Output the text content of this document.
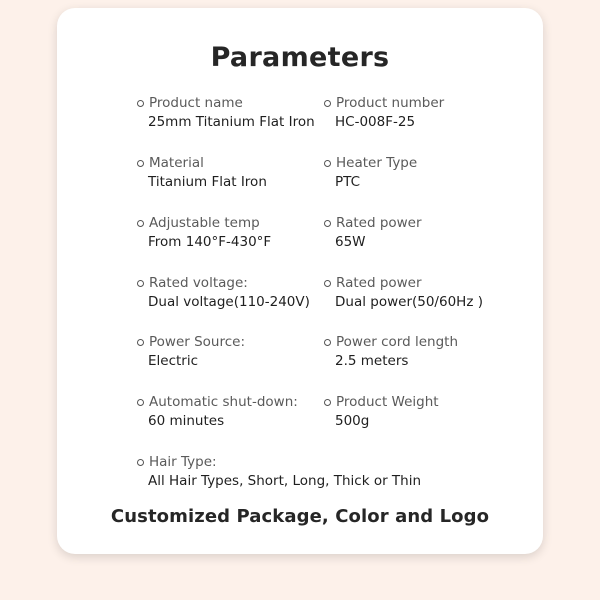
Parameters
Product name
25mm Titanium Flat Iron
Product number
HC-008F-25
Material
Titanium Flat Iron
Heater Type
PTC
Adjustable temp
From 140°F-430°F
Rated power
65W
Rated voltage:
Dual voltage(110-240V)
Rated power
Dual power(50/60Hz )
Power Source:
Electric
Power cord length
2.5 meters
Automatic shut-down:
60 minutes
Product Weight
500g
Hair Type:
All Hair Types, Short, Long, Thick or Thin
Customized Package, Color and Logo
